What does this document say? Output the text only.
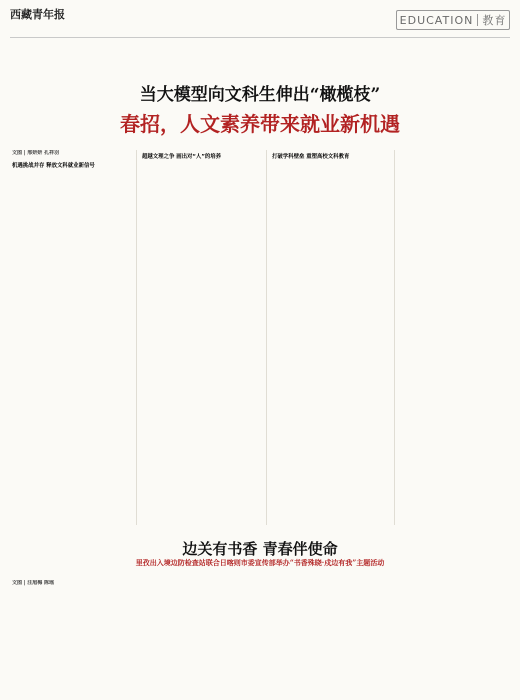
西藏青年报	EDUCATION 教育
当大模型向文科生伸出“橄榄枝”
春招，人文素养带来就业新机遇
文图 | 邢妍妍 孔祥羽
机遇挑战并存 释放文科就业新信号
超越文理之争 画出对“人”的培养	打破学科壁垒 重塑高校文科教育
边关有书香 青春伴使命
里孜出入境边防检查站联合日喀则市委宣传部举办“书香殊晓·戍边有我”主题活动
文图 | 汪旭梅 陈瑶
